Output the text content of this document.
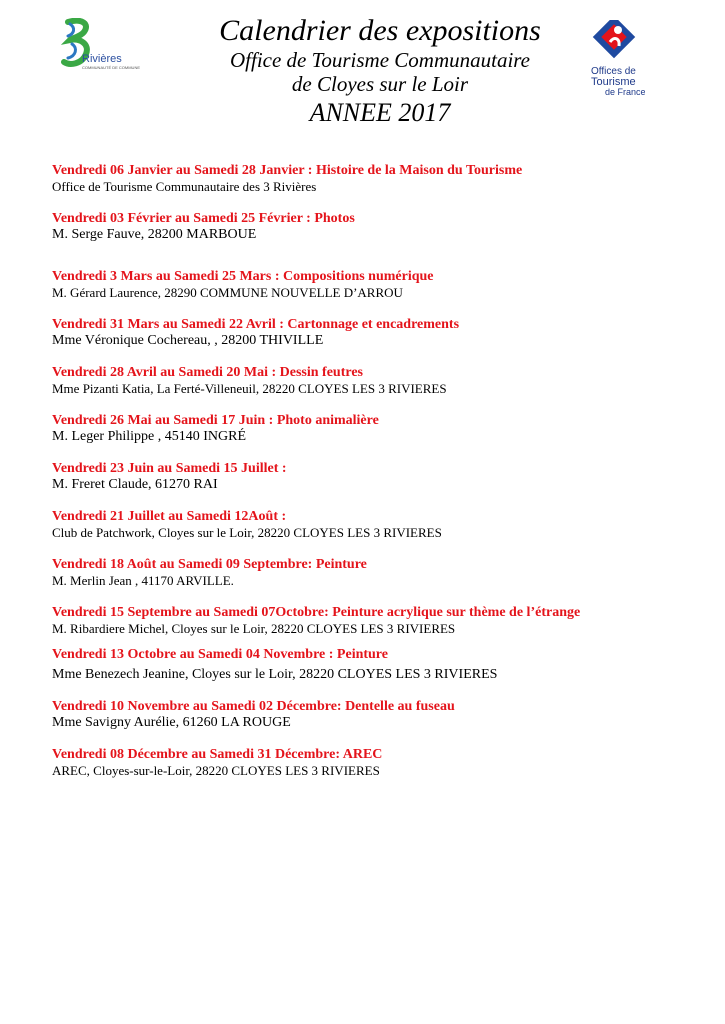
Rivières
COMMUNAUTÉ DE COMMUNES
Calendrier des expositions
Office de Tourisme Communautaire
de Cloyes sur le Loir
ANNEE 2017
Offices de
Tourisme
de France
Vendredi 06 Janvier au Samedi 28 Janvier : Histoire de la Maison du Tourisme
Office de Tourisme Communautaire des 3 Rivières
Vendredi 03 Février au Samedi 25 Février : Photos
M. Serge Fauve, 28200 MARBOUE
Vendredi 3 Mars au Samedi 25 Mars : Compositions numérique
M. Gérard Laurence, 28290 COMMUNE NOUVELLE D’ARROU
Vendredi 31 Mars au Samedi 22 Avril : Cartonnage et encadrements
Mme Véronique Cochereau, , 28200 THIVILLE
Vendredi 28 Avril au Samedi 20 Mai : Dessin feutres
Mme Pizanti Katia, La Ferté-Villeneuil, 28220 CLOYES LES 3 RIVIERES
Vendredi 26 Mai au Samedi 17 Juin : Photo animalière
M. Leger Philippe , 45140 INGRÉ
Vendredi 23 Juin au Samedi 15 Juillet :
M. Freret Claude, 61270 RAI
Vendredi 21 Juillet au Samedi 12Août :
Club de Patchwork, Cloyes sur le Loir, 28220 CLOYES LES 3 RIVIERES
Vendredi 18 Août au Samedi 09 Septembre: Peinture
M. Merlin Jean , 41170 ARVILLE.
Vendredi 15 Septembre au Samedi 07Octobre: Peinture acrylique sur thème de l’étrange
M. Ribardiere Michel, Cloyes sur le Loir, 28220 CLOYES LES 3 RIVIERES
Vendredi 13 Octobre au Samedi 04 Novembre : Peinture
Mme Benezech Jeanine, Cloyes sur le Loir, 28220 CLOYES LES 3 RIVIERES
Vendredi 10 Novembre au Samedi 02 Décembre: Dentelle au fuseau
Mme Savigny Aurélie, 61260 LA ROUGE
Vendredi 08 Décembre au Samedi 31 Décembre: AREC
AREC, Cloyes-sur-le-Loir, 28220 CLOYES LES 3 RIVIERES
